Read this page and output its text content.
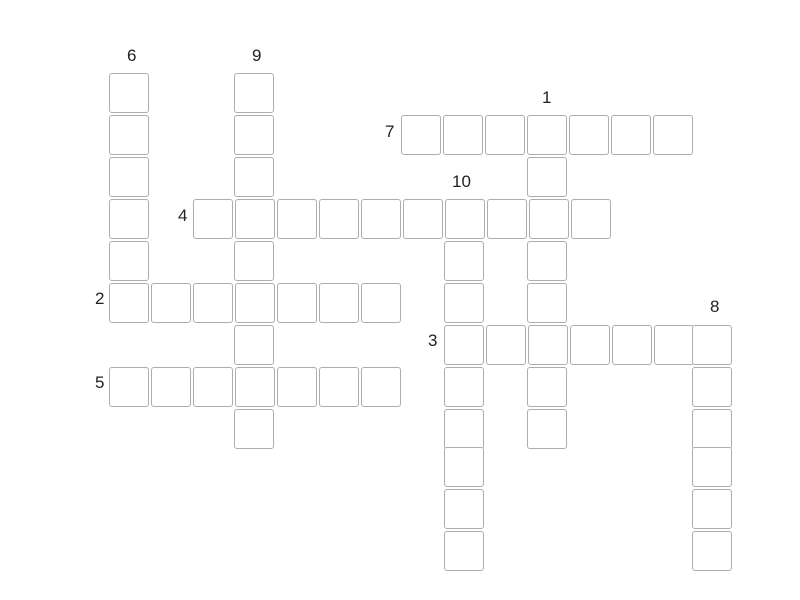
6	9
1
7
10
4
2	8
3
5
